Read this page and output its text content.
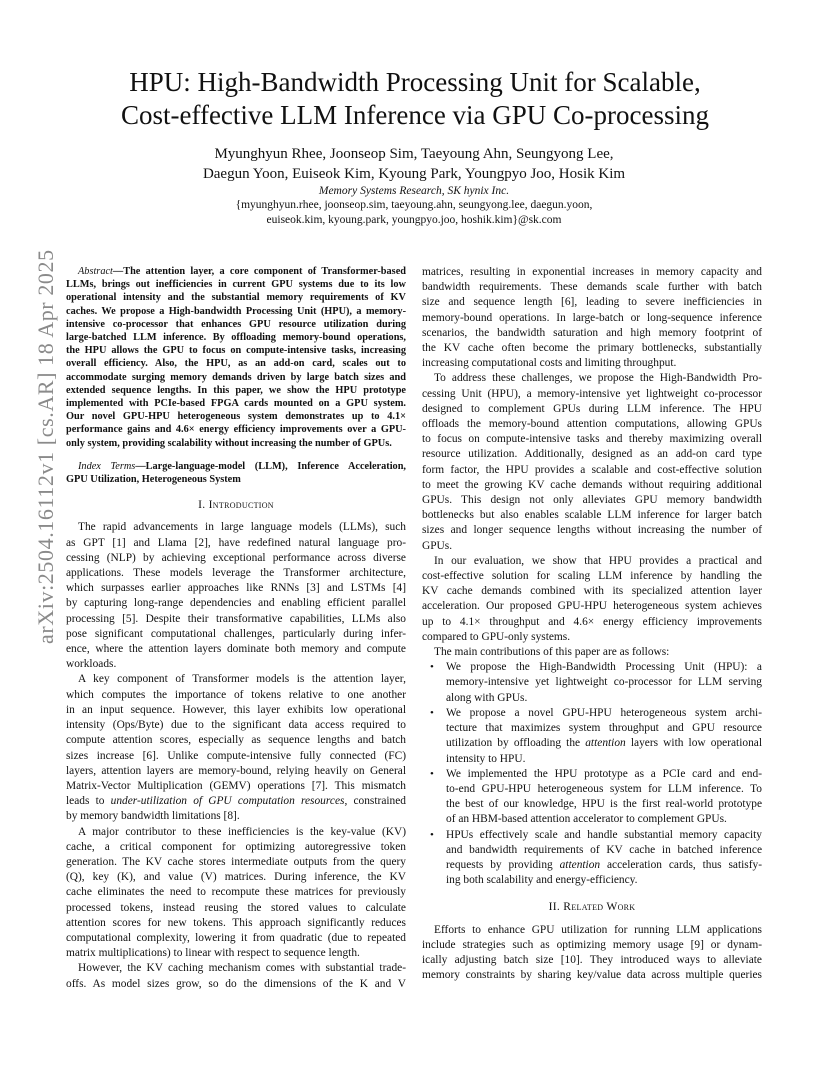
arXiv:2504.16112v1 [cs.AR] 18 Apr 2025
HPU: High-Bandwidth Processing Unit for Scalable,
Cost-effective LLM Inference via GPU Co-processing
Myunghyun Rhee, Joonseop Sim, Taeyoung Ahn, Seungyong Lee,
Daegun Yoon, Euiseok Kim, Kyoung Park, Youngpyo Joo, Hosik Kim
Memory Systems Research, SK hynix Inc.
{myunghyun.rhee, joonseop.sim, taeyoung.ahn, seungyong.lee, daegun.yoon,
euiseok.kim, kyoung.park, youngpyo.joo, hoshik.kim}@sk.com
Abstract—The attention layer, a core component of Transformer-based
LLMs, brings out inefficiencies in current GPU systems due to its low
operational intensity and the substantial memory requirements of KV
caches. We propose a High-bandwidth Processing Unit (HPU), a memory-
intensive co-processor that enhances GPU resource utilization during
large-batched LLM inference. By offloading memory-bound operations,
the HPU allows the GPU to focus on compute-intensive tasks, increasing
overall efficiency. Also, the HPU, as an add-on card, scales out to
accommodate surging memory demands driven by large batch sizes and
extended sequence lengths. In this paper, we show the HPU prototype
implemented with PCIe-based FPGA cards mounted on a GPU system.
Our novel GPU-HPU heterogeneous system demonstrates up to 4.1×
performance gains and 4.6× energy efficiency improvements over a GPU-
only system, providing scalability without increasing the number of GPUs.
Index Terms—Large-language-model (LLM), Inference Acceleration,
GPU Utilization, Heterogeneous System
I. Introduction
The rapid advancements in large language models (LLMs), such
as GPT [1] and Llama [2], have redefined natural language pro-
cessing (NLP) by achieving exceptional performance across diverse
applications. These models leverage the Transformer architecture,
which surpasses earlier approaches like RNNs [3] and LSTMs [4]
by capturing long-range dependencies and enabling efficient parallel
processing [5]. Despite their transformative capabilities, LLMs also
pose significant computational challenges, particularly during infer-
ence, where the attention layers dominate both memory and compute
workloads.
A key component of Transformer models is the attention layer,
which computes the importance of tokens relative to one another
in an input sequence. However, this layer exhibits low operational
intensity (Ops/Byte) due to the significant data access required to
compute attention scores, especially as sequence lengths and batch
sizes increase [6]. Unlike compute-intensive fully connected (FC)
layers, attention layers are memory-bound, relying heavily on General
Matrix-Vector Multiplication (GEMV) operations [7]. This mismatch
leads to under-utilization of GPU computation resources, constrained
by memory bandwidth limitations [8].
A major contributor to these inefficiencies is the key-value (KV)
cache, a critical component for optimizing autoregressive token
generation. The KV cache stores intermediate outputs from the query
(Q), key (K), and value (V) matrices. During inference, the KV
cache eliminates the need to recompute these matrices for previously
processed tokens, instead reusing the stored values to calculate
attention scores for new tokens. This approach significantly reduces
computational complexity, lowering it from quadratic (due to repeated
matrix multiplications) to linear with respect to sequence length.
However, the KV caching mechanism comes with substantial trade-
offs. As model sizes grow, so do the dimensions of the K and V
matrices, resulting in exponential increases in memory capacity and
bandwidth requirements. These demands scale further with batch
size and sequence length [6], leading to severe inefficiencies in
memory-bound operations. In large-batch or long-sequence inference
scenarios, the bandwidth saturation and high memory footprint of
the KV cache often become the primary bottlenecks, substantially
increasing computational costs and limiting throughput.
To address these challenges, we propose the High-Bandwidth Pro-
cessing Unit (HPU), a memory-intensive yet lightweight co-processor
designed to complement GPUs during LLM inference. The HPU
offloads the memory-bound attention computations, allowing GPUs
to focus on compute-intensive tasks and thereby maximizing overall
resource utilization. Additionally, designed as an add-on card type
form factor, the HPU provides a scalable and cost-effective solution
to meet the growing KV cache demands without requiring additional
GPUs. This design not only alleviates GPU memory bandwidth
bottlenecks but also enables scalable LLM inference for larger batch
sizes and longer sequence lengths without increasing the number of
GPUs.
In our evaluation, we show that HPU provides a practical and
cost-effective solution for scaling LLM inference by handling the
KV cache demands combined with its specialized attention layer
acceleration. Our proposed GPU-HPU heterogeneous system achieves
up to 4.1× throughput and 4.6× energy efficiency improvements
compared to GPU-only systems.
The main contributions of this paper are as follows:
• We propose the High-Bandwidth Processing Unit (HPU): a
memory-intensive yet lightweight co-processor for LLM serving
along with GPUs.
• We propose a novel GPU-HPU heterogeneous system archi-
tecture that maximizes system throughput and GPU resource
utilization by offloading the attention layers with low operational
intensity to HPU.
• We implemented the HPU prototype as a PCIe card and end-
to-end GPU-HPU heterogeneous system for LLM inference. To
the best of our knowledge, HPU is the first real-world prototype
of an HBM-based attention accelerator to complement GPUs.
• HPUs effectively scale and handle substantial memory capacity
and bandwidth requirements of KV cache in batched inference
requests by providing attention acceleration cards, thus satisfy-
ing both scalability and energy-efficiency.
II. Related Work
Efforts to enhance GPU utilization for running LLM applications
include strategies such as optimizing memory usage [9] or dynam-
ically adjusting batch size [10]. They introduced ways to alleviate
memory constraints by sharing key/value data across multiple queries
